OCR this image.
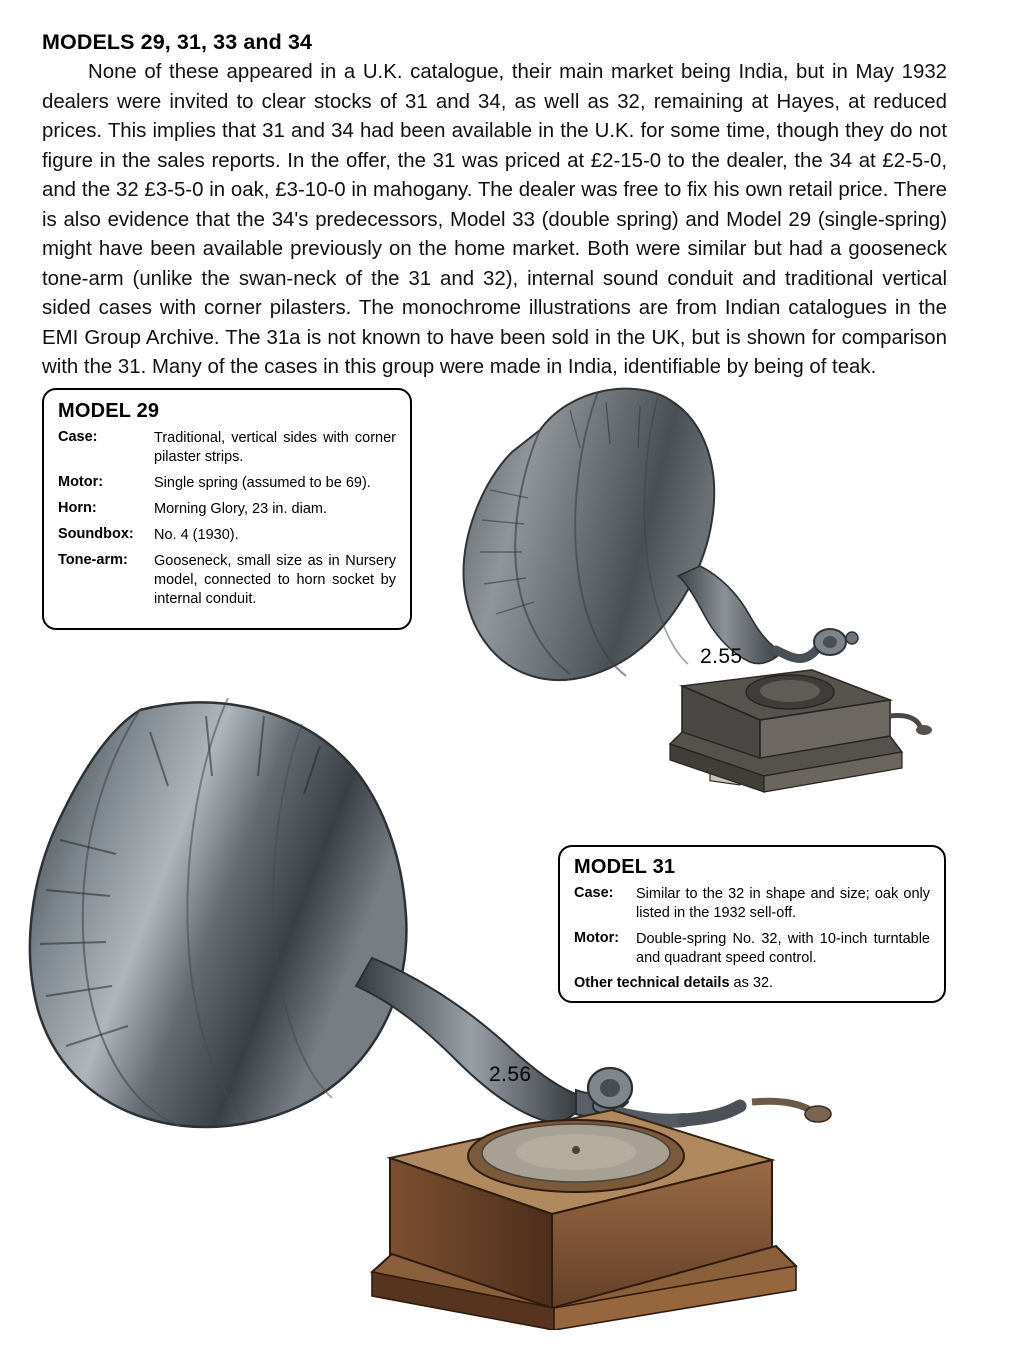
MODELS 29, 31, 33 and 34
None of these appeared in a U.K. catalogue, their main market being India, but in May 1932 dealers were invited to clear stocks of 31 and 34, as well as 32, remaining at Hayes, at reduced prices. This implies that 31 and 34 had been available in the U.K. for some time, though they do not figure in the sales reports. In the offer, the 31 was priced at £2-15-0 to the dealer, the 34 at £2-5-0, and the 32 £3-5-0 in oak, £3-10-0 in mahogany. The dealer was free to fix his own retail price. There is also evidence that the 34's predecessors, Model 33 (double spring) and Model 29 (single-spring) might have been available previously on the home market. Both were similar but had a gooseneck tone-arm (unlike the swan-neck of the 31 and 32), internal sound conduit and traditional vertical sided cases with corner pilasters. The monochrome illustrations are from Indian catalogues in the EMI Group Archive. The 31a is not known to have been sold in the UK, but is shown for comparison with the 31. Many of the cases in this group were made in India, identifiable by being of teak.
2.55
2.56
MODEL 29
Case:	Traditional, vertical sides with corner pilaster strips.
Motor:	Single spring (assumed to be 69).
Horn:	Morning Glory, 23 in. diam.
Soundbox:	No. 4 (1930).
Tone-arm:	Gooseneck, small size as in Nursery model, connected to horn socket by internal conduit.
MODEL 31
Case:	Similar to the 32 in shape and size; oak only listed in the 1932 sell-off.
Motor:	Double-spring No. 32, with 10-inch turntable and quadrant speed control.
Other technical details as 32.
